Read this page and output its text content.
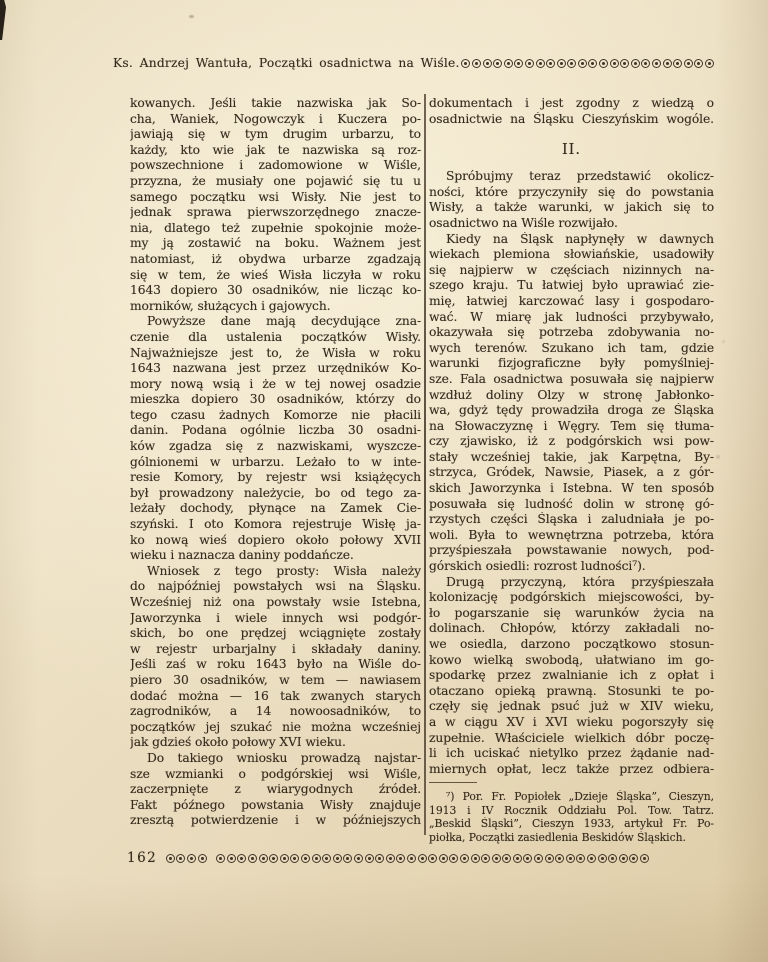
Ks. Andrzej Wantuła, Początki osadnictwa na Wiśle.
kowanych. Jeśli takie nazwiska jak So-
cha, Waniek, Nogowczyk i Kuczera po-
jawiają się w tym drugim urbarzu, to
każdy, kto wie jak te nazwiska są roz-
powszechnione i zadomowione w Wiśle,
przyzna, że musiały one pojawić się tu u
samego początku wsi Wisły. Nie jest to
jednak sprawa pierwszorzędnego znacze-
nia, dlatego też zupełnie spokojnie może-
my ją zostawić na boku. Ważnem jest
natomiast, iż obydwa urbarze zgadzają
się w tem, że wieś Wisła liczyła w roku
1643 dopiero 30 osadników, nie licząc ko-
morników, służących i gajowych.
Powyższe dane mają decydujące zna-
czenie dla ustalenia początków Wisły.
Najważniejsze jest to, że Wisła w roku
1643 nazwana jest przez urzędników Ko-
mory nową wsią i że w tej nowej osadzie
mieszka dopiero 30 osadników, którzy do
tego czasu żadnych Komorze nie płacili
danin. Podana ogólnie liczba 30 osadni-
ków zgadza się z nazwiskami, wyszcze-
gólnionemi w urbarzu. Leżało to w inte-
resie Komory, by rejestr wsi książęcych
był prowadzony należycie, bo od tego za-
leżały dochody, płynące na Zamek Cie-
szyński. I oto Komora rejestruje Wisłę ja-
ko nową wieś dopiero około połowy XVII
wieku i naznacza daniny poddańcze.
Wniosek z tego prosty: Wisła należy
do najpóźniej powstałych wsi na Śląsku.
Wcześniej niż ona powstały wsie Istebna,
Jaworzynka i wiele innych wsi podgór-
skich, bo one prędzej wciągnięte zostały
w rejestr urbarjalny i składały daniny.
Jeśli zaś w roku 1643 było na Wiśle do-
piero 30 osadników, w tem — nawiasem
dodać można — 16 tak zwanych starych
zagrodników, a 14 nowoosadników, to
początków jej szukać nie można wcześniej
jak gdzieś około połowy XVI wieku.
Do takiego wniosku prowadzą najstar-
sze wzmianki o podgórskiej wsi Wiśle,
zaczerpnięte z wiarygodnych źródeł.
Fakt późnego powstania Wisły znajduje
zresztą potwierdzenie i w późniejszych
dokumentach i jest zgodny z wiedzą o
osadnictwie na Śląsku Cieszyńskim wogóle.
II.
Spróbujmy teraz przedstawić okolicz-
ności, które przyczyniły się do powstania
Wisły, a także warunki, w jakich się to
osadnictwo na Wiśle rozwijało.
Kiedy na Śląsk napłynęły w dawnych
wiekach plemiona słowiańskie, usadowiły
się najpierw w częściach nizinnych na-
szego kraju. Tu łatwiej było uprawiać zie-
mię, łatwiej karczować lasy i gospodaro-
wać. W miarę jak ludności przybywało,
okazywała się potrzeba zdobywania no-
wych terenów. Szukano ich tam, gdzie
warunki fizjograficzne były pomyślniej-
sze. Fala osadnictwa posuwała się najpierw
wzdłuż doliny Olzy w stronę Jabłonko-
wa, gdyż tędy prowadziła droga ze Śląska
na Słowaczyznę i Węgry. Tem się tłuma-
czy zjawisko, iż z podgórskich wsi pow-
stały wcześniej takie, jak Karpętna, By-
strzyca, Gródek, Nawsie, Piasek, a z gór-
skich Jaworzynka i Istebna. W ten sposób
posuwała się ludność dolin w stronę gó-
rzystych części Śląska i zaludniała je po-
woli. Była to wewnętrzna potrzeba, która
przyśpieszała powstawanie nowych, pod-
górskich osiedli: rozrost ludności⁷).
Drugą przyczyną, która przyśpieszała
kolonizację podgórskich miejscowości, by-
ło pogarszanie się warunków życia na
dolinach. Chłopów, którzy zakładali no-
we osiedla, darzono początkowo stosun-
kowo wielką swobodą, ułatwiano im go-
spodarkę przez zwalnianie ich z opłat i
otaczano opieką prawną. Stosunki te po-
częły się jednak psuć już w XIV wieku,
a w ciągu XV i XVI wieku pogorszyły się
zupełnie. Właściciele wielkich dóbr poczę-
li ich uciskać nietylko przez żądanie nad-
miernych opłat, lecz także przez odbiera-
⁷) Por. Fr. Popiołek „Dzieje Śląska”, Cieszyn,
1913 i IV Rocznik Oddziału Pol. Tow. Tatrz.
„Beskid Śląski”, Cieszyn 1933, artykuł Fr. Po-
piołka, Początki zasiedlenia Beskidów Śląskich.
162
